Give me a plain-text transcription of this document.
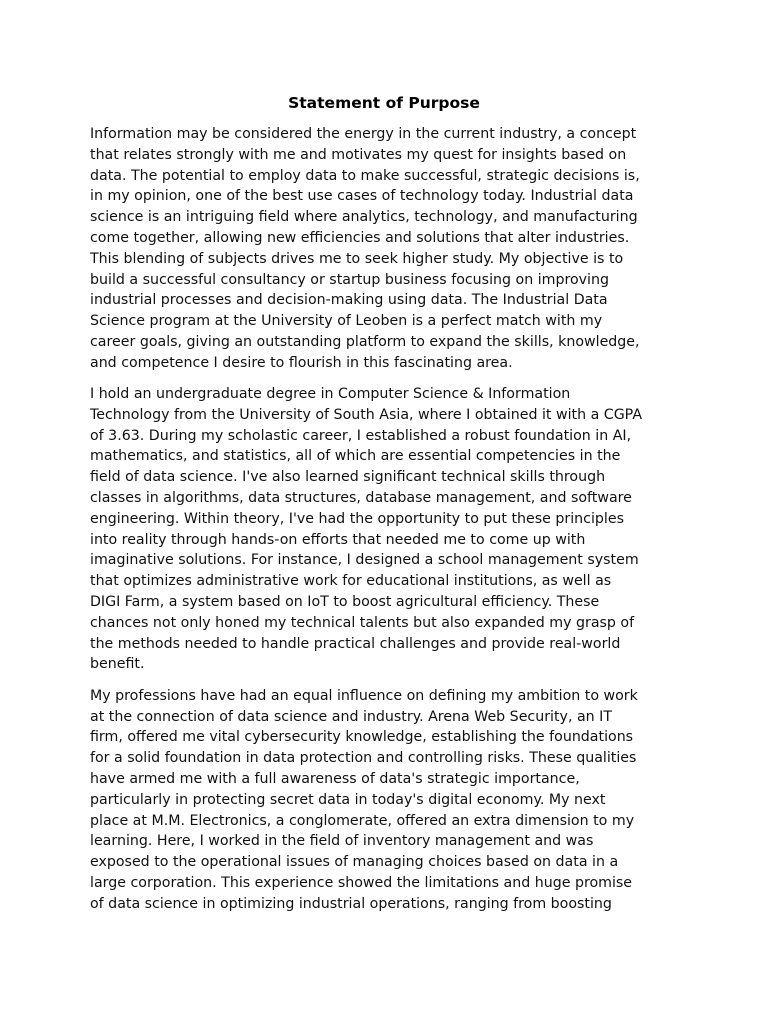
Statement of Purpose

Information may be considered the energy in the current industry, a concept
that relates strongly with me and motivates my quest for insights based on
data. The potential to employ data to make successful, strategic decisions is,
in my opinion, one of the best use cases of technology today. Industrial data
science is an intriguing field where analytics, technology, and manufacturing
come together, allowing new efficiencies and solutions that alter industries.
This blending of subjects drives me to seek higher study. My objective is to
build a successful consultancy or startup business focusing on improving
industrial processes and decision-making using data. The Industrial Data
Science program at the University of Leoben is a perfect match with my
career goals, giving an outstanding platform to expand the skills, knowledge,
and competence I desire to flourish in this fascinating area.

I hold an undergraduate degree in Computer Science & Information
Technology from the University of South Asia, where I obtained it with a CGPA
of 3.63. During my scholastic career, I established a robust foundation in AI,
mathematics, and statistics, all of which are essential competencies in the
field of data science. I've also learned significant technical skills through
classes in algorithms, data structures, database management, and software
engineering. Within theory, I've had the opportunity to put these principles
into reality through hands-on efforts that needed me to come up with
imaginative solutions. For instance, I designed a school management system
that optimizes administrative work for educational institutions, as well as
DIGI Farm, a system based on IoT to boost agricultural efficiency. These
chances not only honed my technical talents but also expanded my grasp of
the methods needed to handle practical challenges and provide real-world
benefit.

My professions have had an equal influence on defining my ambition to work
at the connection of data science and industry. Arena Web Security, an IT
firm, offered me vital cybersecurity knowledge, establishing the foundations
for a solid foundation in data protection and controlling risks. These qualities
have armed me with a full awareness of data's strategic importance,
particularly in protecting secret data in today's digital economy. My next
place at M.M. Electronics, a conglomerate, offered an extra dimension to my
learning. Here, I worked in the field of inventory management and was
exposed to the operational issues of managing choices based on data in a
large corporation. This experience showed the limitations and huge promise
of data science in optimizing industrial operations, ranging from boosting
